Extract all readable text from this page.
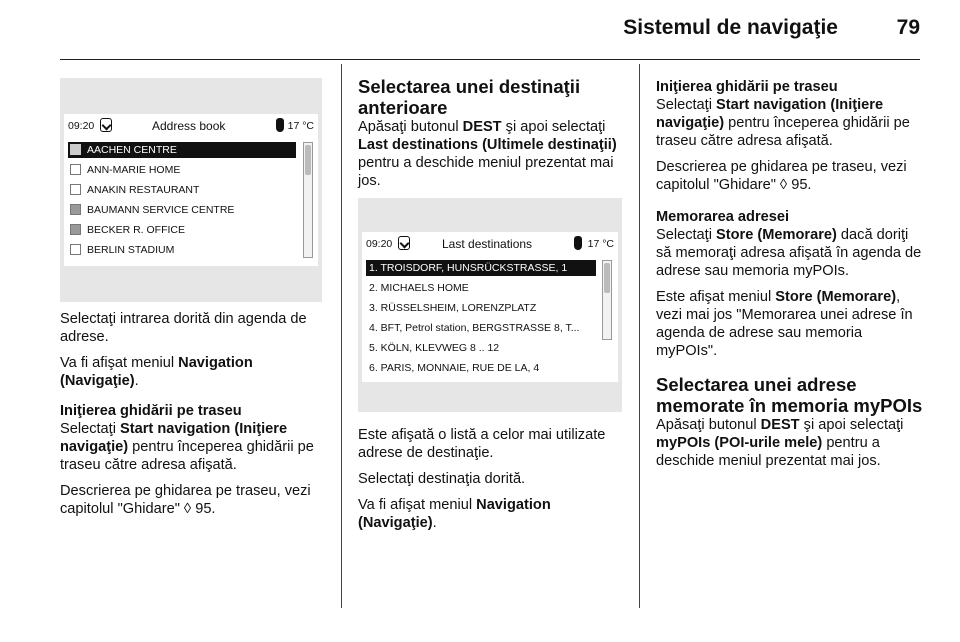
Sistemul de navigaţie	79
09:20	Address book	17 °C
AACHEN CENTRE
ANN-MARIE HOME
ANAKIN RESTAURANT
BAUMANN SERVICE CENTRE
BECKER R. OFFICE
BERLIN STADIUM

Selectaţi intrarea dorită din agenda de adrese.

Va fi afişat meniul Navigation (Navigaţie).

Iniţierea ghidării pe traseu

Selectaţi Start navigation (Iniţiere navigaţie) pentru începerea ghidării pe traseu către adresa afişată.

Descrierea pe ghidarea pe traseu, vezi capitolul "Ghidare" ◊ 95.

Selectarea unei destinaţii anterioare

Apăsaţi butonul DEST şi apoi selectaţi Last destinations (Ultimele destinaţii) pentru a deschide meniul prezentat mai jos.

09:20	Last destinations	17 °C
1. TROISDORF, HUNSRÜCKSTRASSE, 1
2. MICHAELS HOME
3. RÜSSELSHEIM, LORENZPLATZ
4. BFT, Petrol station, BERGSTRASSE 8, T...
5. KÖLN, KLEVWEG 8 .. 12
6. PARIS, MONNAIE, RUE DE LA, 4

Este afişată o listă a celor mai utilizate adrese de destinaţie.

Selectaţi destinaţia dorită.

Va fi afişat meniul Navigation (Navigaţie).

Iniţierea ghidării pe traseu

Selectaţi Start navigation (Iniţiere navigaţie) pentru începerea ghidării pe traseu către adresa afişată.

Descrierea pe ghidarea pe traseu, vezi capitolul "Ghidare" ◊ 95.

Memorarea adresei

Selectaţi Store (Memorare) dacă doriţi să memoraţi adresa afişată în agenda de adrese sau memoria myPOIs.

Este afişat meniul Store (Memorare), vezi mai jos "Memorarea unei adrese în agenda de adrese sau memoria myPOIs".

Selectarea unei adrese memorate în memoria myPOIs

Apăsaţi butonul DEST şi apoi selectaţi myPOIs (POI-urile mele) pentru a deschide meniul prezentat mai jos.
